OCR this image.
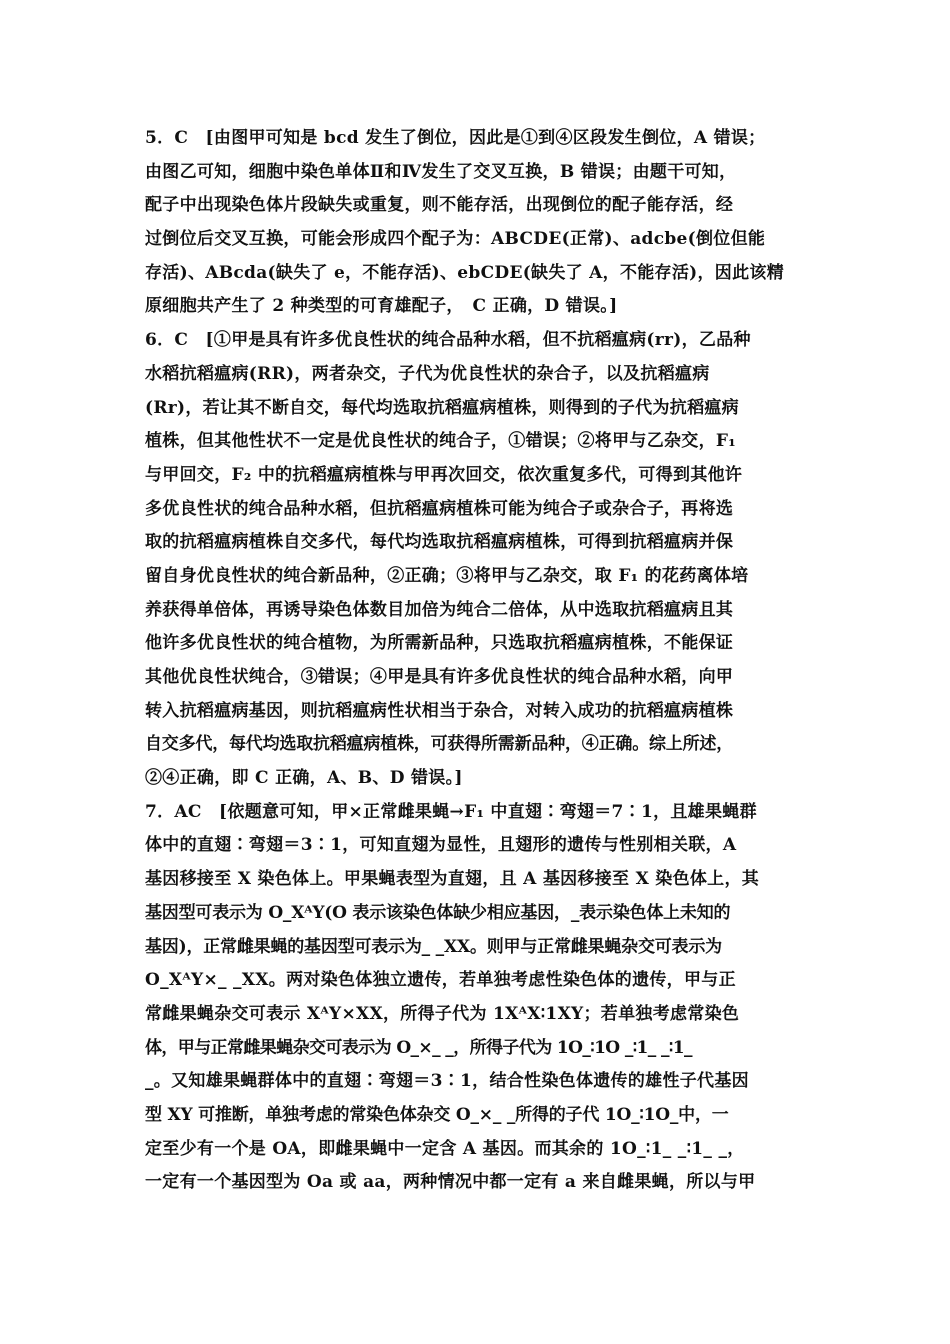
5．C　[由图甲可知是 bcd 发生了倒位，因此是①到④区段发生倒位，A 错误；
由图乙可知，细胞中染色单体Ⅱ和Ⅳ发生了交叉互换，B 错误；由题干可知，
配子中出现染色体片段缺失或重复，则不能存活，出现倒位的配子能存活，经
过倒位后交叉互换，可能会形成四个配子为：ABCDE(正常)、adcbe(倒位但能
存活)、ABcda(缺失了 e，不能存活)、ebCDE(缺失了 A，不能存活)，因此该精
原细胞共产生了 2 种类型的可育雄配子，　C 正确，D 错误。]
6．C　[①甲是具有许多优良性状的纯合品种水稻，但不抗稻瘟病(rr)，乙品种
水稻抗稻瘟病(RR)，两者杂交，子代为优良性状的杂合子，以及抗稻瘟病
(Rr)，若让其不断自交，每代均选取抗稻瘟病植株，则得到的子代为抗稻瘟病
植株，但其他性状不一定是优良性状的纯合子，①错误；②将甲与乙杂交，F₁
与甲回交，F₂ 中的抗稻瘟病植株与甲再次回交，依次重复多代，可得到其他许
多优良性状的纯合品种水稻，但抗稻瘟病植株可能为纯合子或杂合子，再将选
取的抗稻瘟病植株自交多代，每代均选取抗稻瘟病植株，可得到抗稻瘟病并保
留自身优良性状的纯合新品种，②正确；③将甲与乙杂交，取 F₁ 的花药离体培
养获得单倍体，再诱导染色体数目加倍为纯合二倍体，从中选取抗稻瘟病且其
他许多优良性状的纯合植物，为所需新品种，只选取抗稻瘟病植株，不能保证
其他优良性状纯合，③错误；④甲是具有许多优良性状的纯合品种水稻，向甲
转入抗稻瘟病基因，则抗稻瘟病性状相当于杂合，对转入成功的抗稻瘟病植株
自交多代，每代均选取抗稻瘟病植株，可获得所需新品种，④正确。综上所述，
②④正确，即 C 正确，A、B、D 错误。]
7．AC　[依题意可知，甲×正常雌果蝇→F₁ 中直翅∶弯翅＝7∶1，且雄果蝇群
体中的直翅∶弯翅＝3∶1，可知直翅为显性，且翅形的遗传与性别相关联，A
基因移接至 X 染色体上。甲果蝇表型为直翅，且 A 基因移接至 X 染色体上，其
基因型可表示为 O_XᴬY(O 表示该染色体缺少相应基因，_表示染色体上未知的
基因)，正常雌果蝇的基因型可表示为_ _XX。则甲与正常雌果蝇杂交可表示为
O_XᴬY×_ _XX。两对染色体独立遗传，若单独考虑性染色体的遗传，甲与正
常雌果蝇杂交可表示 XᴬY×XX，所得子代为 1XᴬX∶1XY；若单独考虑常染色
体，甲与正常雌果蝇杂交可表示为 O_×_ _，所得子代为 1O_∶1O _∶1_ _∶1_
_。又知雄果蝇群体中的直翅∶弯翅＝3∶1，结合性染色体遗传的雄性子代基因
型 XY 可推断，单独考虑的常染色体杂交 O_×_ _所得的子代 1O_∶1O_中，一
定至少有一个是 OA，即雌果蝇中一定含 A 基因。而其余的 1O_∶1_ _∶1_ _，
一定有一个基因型为 Oa 或 aa，两种情况中都一定有 a 来自雌果蝇，所以与甲
